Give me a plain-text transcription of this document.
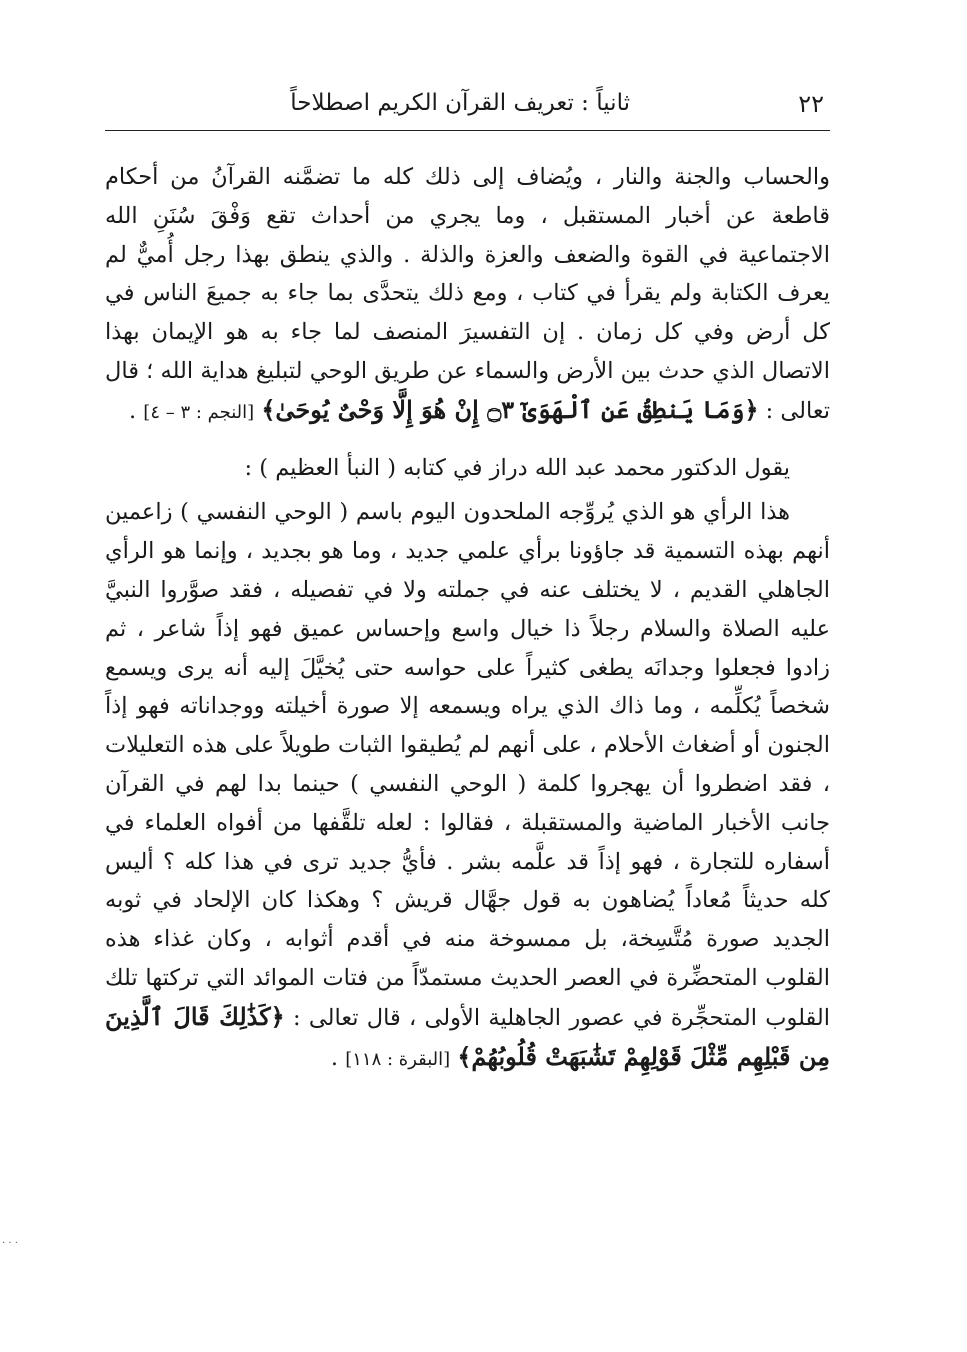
٢٢
ثانياً : تعريف القرآن الكريم اصطلاحاً

والحساب والجنة والنار ، ويُضاف إلى ذلك كله ما تضمَّنه القرآنُ من أحكام قاطعة عن أخبار المستقبل ، وما يجري من أحداث تقع وَفْقَ سُنَنِ الله الاجتماعية في القوة والضعف والعزة والذلة . والذي ينطق بهذا رجل أُميٌّ لم يعرف الكتابة ولم يقرأ في كتاب ، ومع ذلك يتحدَّى بما جاء به جميعَ الناس في كل أرض وفي كل زمان . إن التفسيرَ المنصف لما جاء به هو الإيمان بهذا الاتصال الذي حدث بين الأرض والسماء عن طريق الوحي لتبليغ هداية الله ؛ قال تعالى : ﴿وَمَا يَنطِقُ عَنِ ٱلْهَوَىٰٓ ۝٣ إِنْ هُوَ إِلَّا وَحْىٌ يُوحَىٰ﴾ [النجم : ٣ – ٤] .

يقول الدكتور محمد عبد الله دراز في كتابه ( النبأ العظيم ) :

هذا الرأي هو الذي يُروِّجه الملحدون اليوم باسم ( الوحي النفسي ) زاعمين أنهم بهذه التسمية قد جاؤونا برأي علمي جديد ، وما هو بجديد ، وإنما هو الرأي الجاهلي القديم ، لا يختلف عنه في جملته ولا في تفصيله ، فقد صوَّروا النبيَّ عليه الصلاة والسلام رجلاً ذا خيال واسع وإحساس عميق فهو إذاً شاعر ، ثم زادوا فجعلوا وجدانَه يطغى كثيراً على حواسه حتى يُخيَّلَ إليه أنه يرى ويسمع شخصاً يُكلِّمه ، وما ذاك الذي يراه ويسمعه إلا صورة أخيلته ووجداناته فهو إذاً الجنون أو أضغاث الأحلام ، على أنهم لم يُطيقوا الثبات طويلاً على هذه التعليلات ، فقد اضطروا أن يهجروا كلمة ( الوحي النفسي ) حينما بدا لهم في القرآن جانب الأخبار الماضية والمستقبلة ، فقالوا : لعله تلقَّفها من أفواه العلماء في أسفاره للتجارة ، فهو إذاً قد علَّمه بشر . فأيُّ جديد ترى في هذا كله ؟ أليس كله حديثاً مُعاداً يُضاهون به قول جهَّال قريش ؟ وهكذا كان الإلحاد في ثوبه الجديد صورة مُتَّسِخة، بل ممسوخة منه في أقدم أثوابه ، وكان غذاء هذه القلوب المتحضِّرة في العصر الحديث مستمدّاً من فتات الموائد التي تركتها تلك القلوب المتحجِّرة في عصور الجاهلية الأولى ، قال تعالى : ﴿كَذَٰلِكَ قَالَ ٱلَّذِينَ مِن قَبْلِهِم مِّثْلَ قَوْلِهِمْ تَشَٰبَهَتْ قُلُوبُهُمْ﴾ [البقرة : ١١٨] .

· · ·
